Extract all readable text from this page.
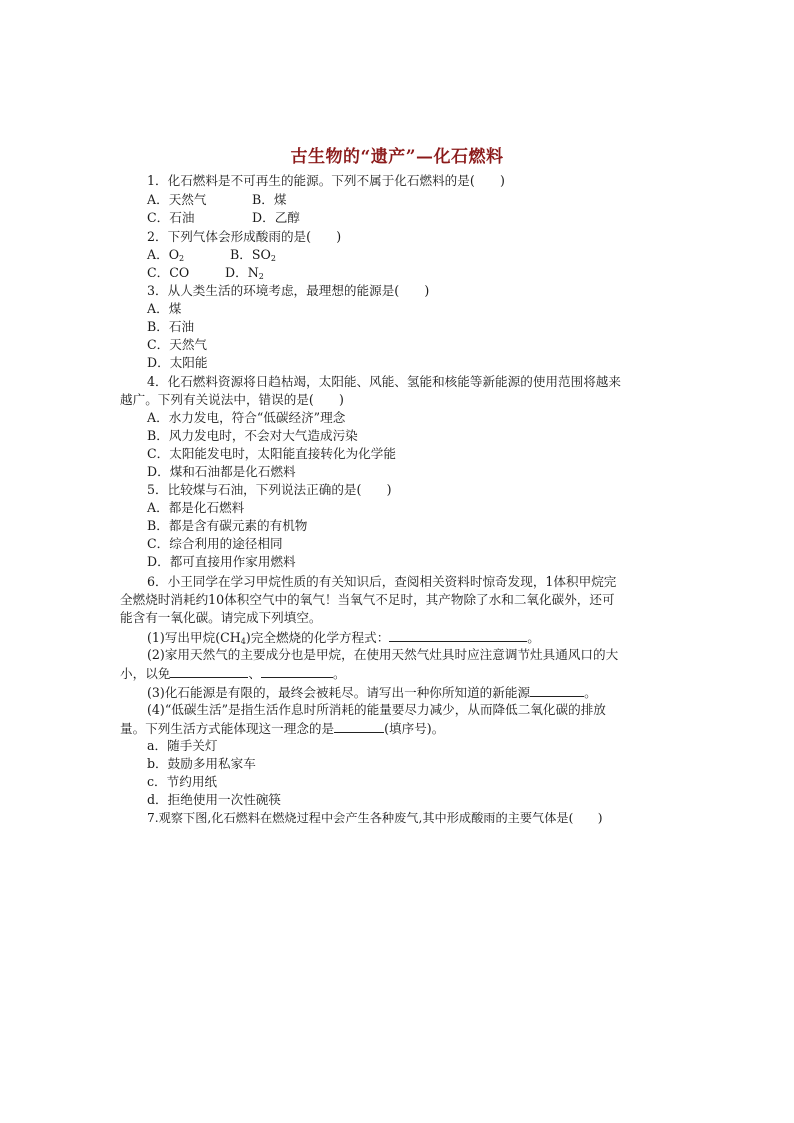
古生物的“遗产”—化石燃料
1．化石燃料是不可再生的能源。下列不属于化石燃料的是(　　)
A．天然气	B．煤
C．石油	D．乙醇
2．下列气体会形成酸雨的是(　　)
A．$O_2$	B．$SO_2$
C．CO	D．$N_2$
3．从人类生活的环境考虑，最理想的能源是(　　)
A．煤
B．石油
C．天然气
D．太阳能
4．化石燃料资源将日趋枯竭，太阳能、风能、氢能和核能等新能源的使用范围将越来
越广。下列有关说法中，错误的是(　　)
A．水力发电，符合“低碳经济”理念
B．风力发电时，不会对大气造成污染
C．太阳能发电时，太阳能直接转化为化学能
D．煤和石油都是化石燃料
5．比较煤与石油，下列说法正确的是(　　)
A．都是化石燃料
B．都是含有碳元素的有机物
C．综合利用的途径相同
D．都可直接用作家用燃料
6．小王同学在学习甲烷性质的有关知识后，查阅相关资料时惊奇发现，1体积甲烷完
全燃烧时消耗约10体积空气中的氧气！当氧气不足时，其产物除了水和二氧化碳外，还可
能含有一氧化碳。请完成下列填空。
(1)写出甲烷$(CH_4)$完全燃烧的化学方程式：	。
(2)家用天然气的主要成分也是甲烷，在使用天然气灶具时应注意调节灶具通风口的大
小，以免	、	。
(3)化石能源是有限的，最终会被耗尽。请写出一种你所知道的新能源	。
(4)“低碳生活”是指生活作息时所消耗的能量要尽力减少，从而降低二氧化碳的排放
量。下列生活方式能体现这一理念的是	(填序号)。
a．随手关灯
b．鼓励多用私家车
c．节约用纸
d．拒绝使用一次性碗筷
7.观察下图,化石燃料在燃烧过程中会产生各种废气,其中形成酸雨的主要气体是(　　)
